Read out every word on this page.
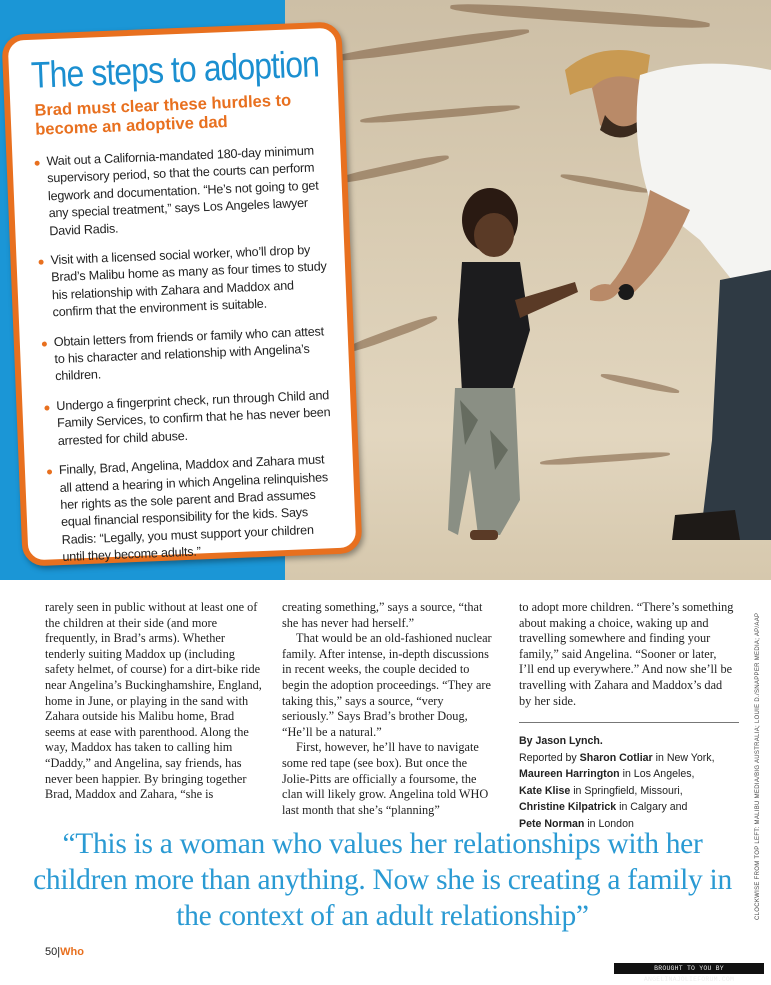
The steps to adoption
Brad must clear these hurdles to become an adoptive dad
Wait out a California-mandated 180-day minimum supervisory period, so that the courts can perform legwork and documentation. “He’s not going to get any special treatment,” says Los Angeles lawyer David Radis.
Visit with a licensed social worker, who’ll drop by Brad’s Malibu home as many as four times to study his relationship with Zahara and Maddox and confirm that the environment is suitable.
Obtain letters from friends or family who can attest to his character and relationship with Angelina’s children.
Undergo a fingerprint check, run through Child and Family Services, to confirm that he has never been arrested for child abuse.
Finally, Brad, Angelina, Maddox and Zahara must all attend a hearing in which Angelina relinquishes her rights as the sole parent and Brad assumes equal financial responsibility for the kids. Says Radis: “Legally, you must support your children until they become adults.”

rarely seen in public without at least one of the children at their side (and more frequently, in Brad’s arms). Whether tenderly suiting Maddox up (including safety helmet, of course) for a dirt-bike ride near Angelina’s Buckinghamshire, England, home in June, or playing in the sand with Zahara outside his Malibu home, Brad seems at ease with parenthood. Along the way, Maddox has taken to calling him “Daddy,” and Angelina, say friends, has never been happier. By bringing together Brad, Maddox and Zahara, “she is

creating something,” says a source, “that she has never had herself.”

That would be an old-fashioned nuclear family. After intense, in-depth discussions in recent weeks, the couple decided to begin the adoption proceedings. “They are taking this,” says a source, “very seriously.” Says Brad’s brother Doug, “He’ll be a natural.”

First, however, he’ll have to navigate some red tape (see box). But once the Jolie-Pitts are officially a foursome, the clan will likely grow. Angelina told WHO last month that she’s “planning”

to adopt more children. “There’s something about making a choice, waking up and travelling somewhere and finding your family,” said Angelina. “Sooner or later, I’ll end up everywhere.” And now she’ll be travelling with Zahara and Maddox’s dad by her side.

By Jason Lynch.
Reported by Sharon Cotliar in New York,
Maureen Harrington in Los Angeles,
Kate Klise in Springfield, Missouri,
Christine Kilpatrick in Calgary and
Pete Norman in London
“This is a woman who values her relationships with her children more than anything. Now she is creating a family in the context of an adult relationship”
50|Who
CLOCKWISE FROM TOP LEFT: MALIBU MEDIA/BIG AUSTRALIA; LOUIE D./SNAPPER MEDIA; AP/AAP
BROUGHT TO YOU BY ANGELINAJOLIEFORUM.COM
